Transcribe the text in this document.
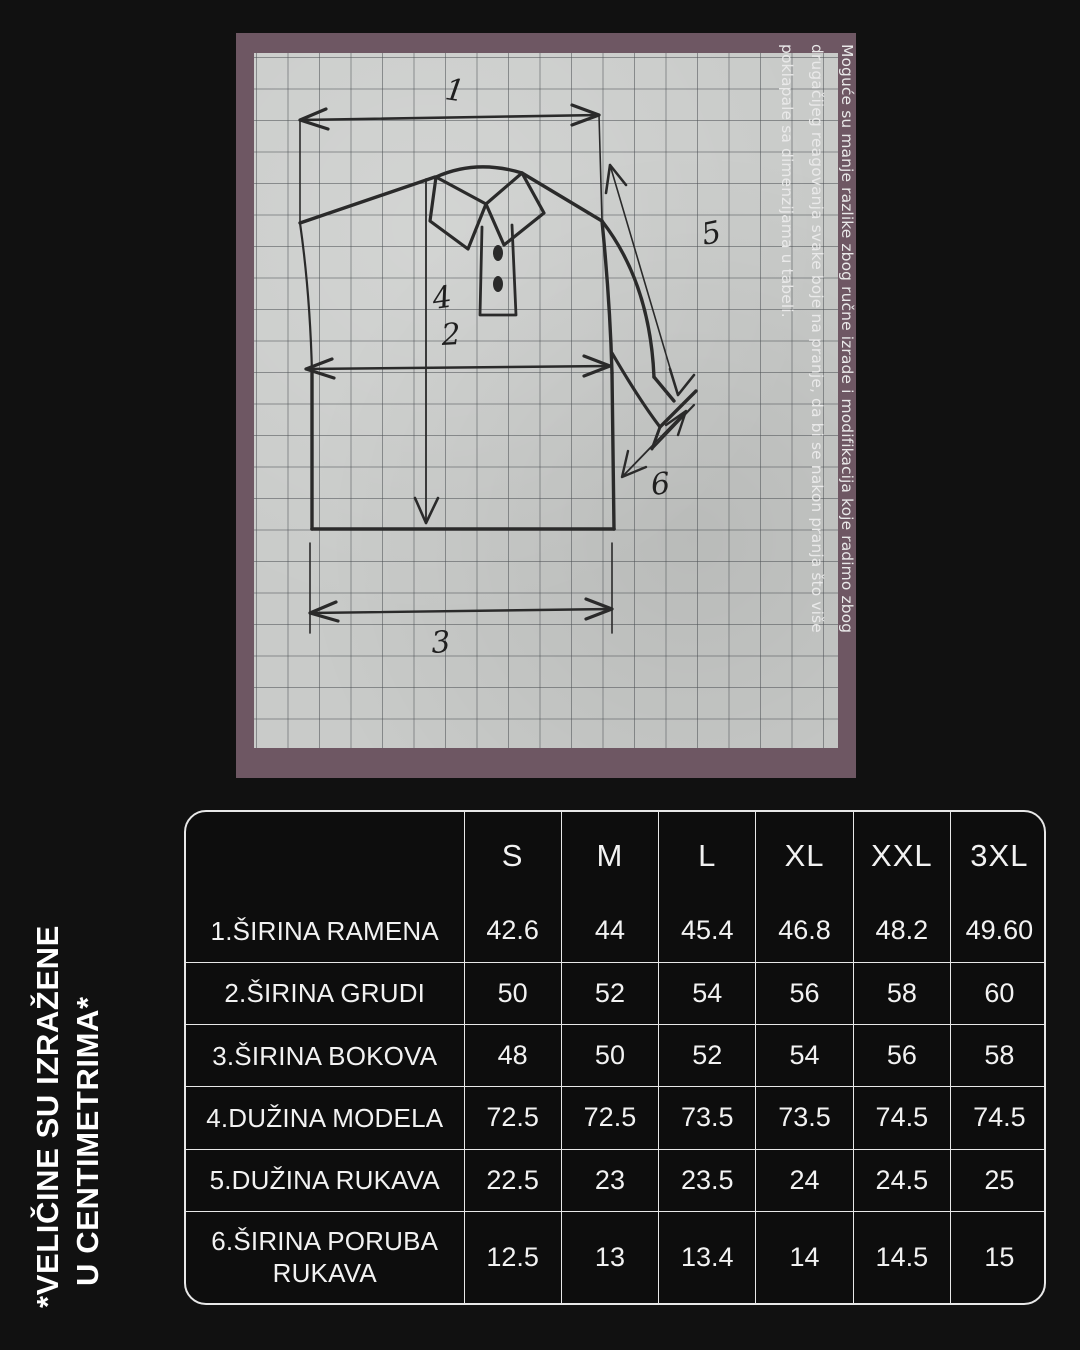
1
2
3
5
6
4	Moguće su manje razlike zbog ručne izrade i modifikacija koje radimo zbog drugačijeg reagovanja svake boje na pranje, da bi se nakon pranja što više poklapale sa dimenzijama u tabeli.
*VELIČINE SU IZRAŽENE U CENTIMETRIMA*
	S	M	L	XL	XXL	3XL
1.ŠIRINA RAMENA	42.6	44	45.4	46.8	48.2	49.60
2.ŠIRINA GRUDI	50	52	54	56	58	60
3.ŠIRINA BOKOVA	48	50	52	54	56	58
4.DUŽINA MODELA	72.5	72.5	73.5	73.5	74.5	74.5
5.DUŽINA RUKAVA	22.5	23	23.5	24	24.5	25
6.ŠIRINA PORUBA RUKAVA	12.5	13	13.4	14	14.5	15
